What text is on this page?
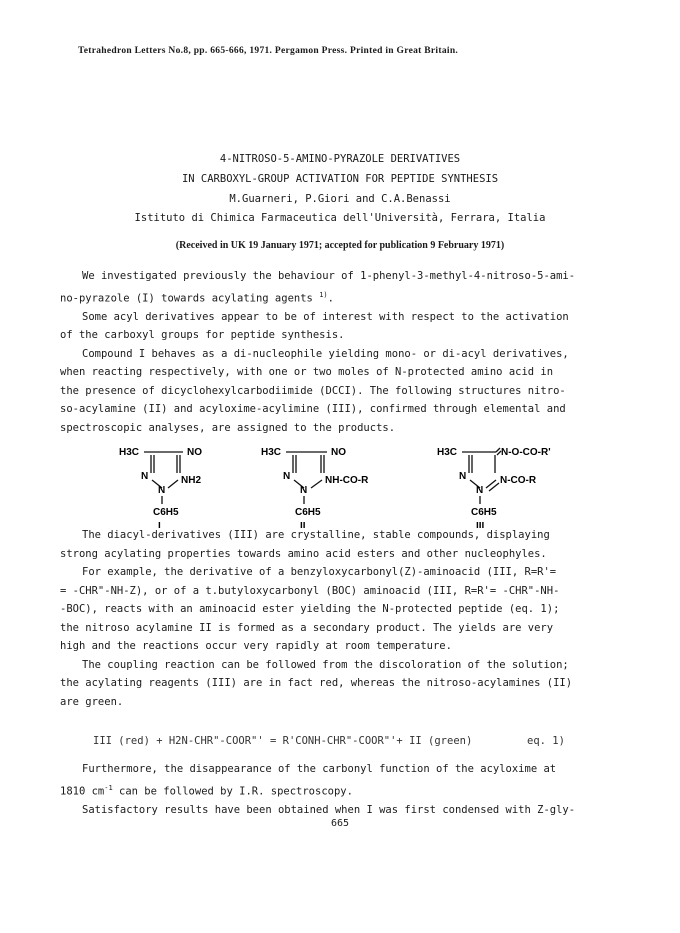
Tetrahedron Letters No.8, pp. 665-666, 1971. Pergamon Press. Printed in Great Britain.
4-NITROSO-5-AMINO-PYRAZOLE DERIVATIVES
IN CARBOXYL-GROUP ACTIVATION FOR PEPTIDE SYNTHESIS
M.Guarneri, P.Giori and C.A.Benassi
Istituto di Chimica Farmaceutica dell'Università, Ferrara, Italia
(Received in UK 19 January 1971; accepted for publication 9 February 1971)

We investigated previously the behaviour of 1-phenyl-3-methyl-4-nitroso-5-ami-

no-pyrazole (I) towards acylating agents $^{1)}$.

Some acyl derivatives appear to be of interest with respect to the activation

of the carboxyl groups for peptide synthesis.

Compound I behaves as a di-nucleophile yielding mono- or di-acyl derivatives,

when reacting respectively, with one or two moles of N-protected amino acid in

the presence of dicyclohexylcarbodiimide (DCCI). The following structures nitro-

so-acylamine (II) and acyloxime-acylimine (III), confirmed through elemental and

spectroscopic analyses, are assigned to the products.

H3C	NO
N
N
NH2
C6H5
I
H3C	NO
N
N
NH-CO-R
C6H5
II
H3C	N-O-CO-R'
N
N
N-CO-R
C6H5
III

The diacyl-derivatives (III) are crystalline, stable compounds, displaying

strong acylating properties towards amino acid esters and other nucleophyles.

For example, the derivative of a benzyloxycarbonyl(Z)-aminoacid (III, R=R'=

= -CHR"-NH-Z), or of a t.butyloxycarbonyl (BOC) aminoacid (III, R=R'= -CHR"-NH-

-BOC), reacts with an aminoacid ester yielding the N-protected peptide (eq. 1);

the nitroso acylamine II is formed as a secondary product. The yields are very

high and the reactions occur very rapidly at room temperature.

The coupling reaction can be followed from the discoloration of the solution;

the acylating reagents (III) are in fact red, whereas the nitroso-acylamines (II)

are green.

III (red) + H2N-CHR"-COOR"' = R'CONH-CHR"-COOR"'+ II (green)	eq. 1)

Furthermore, the disappearance of the carbonyl function of the acyloxime at

1810 $cm^{-1}$ can be followed by I.R. spectroscopy.

Satisfactory results have been obtained when I was first condensed with Z-gly-

665
